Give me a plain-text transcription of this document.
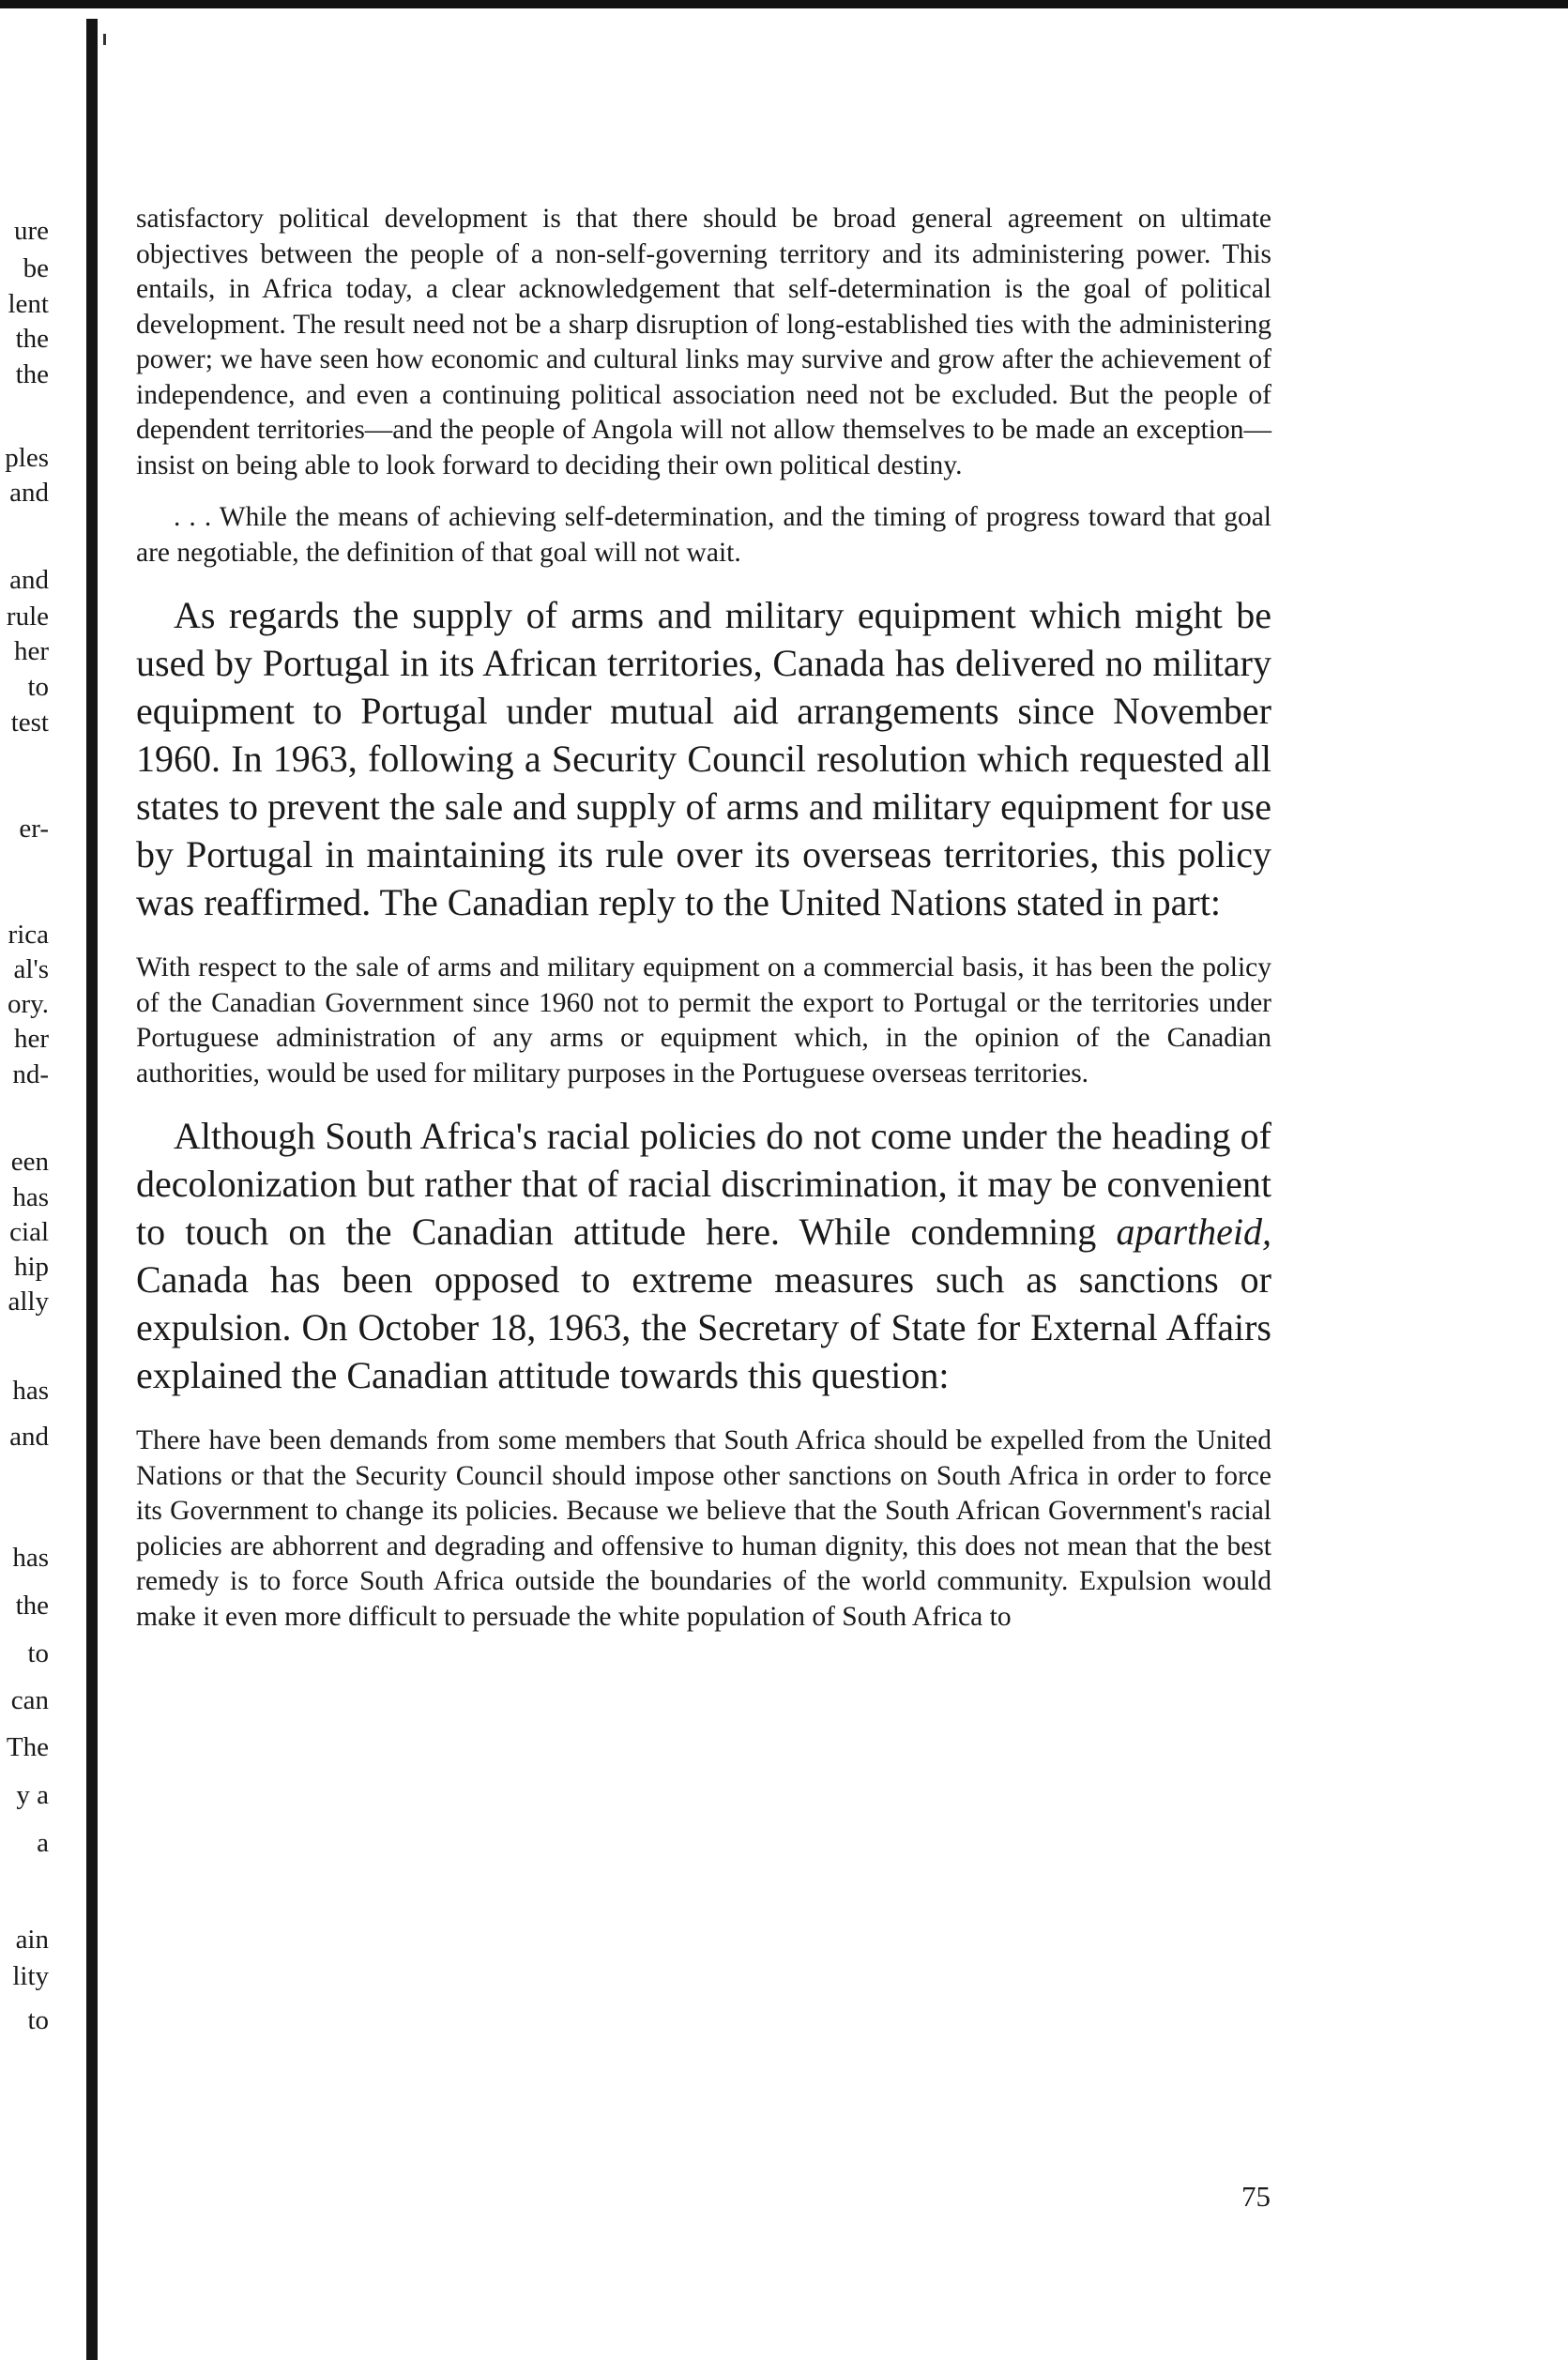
ure
be
lent
the
the
ples
and
and
rule
her
to
test
er-
rica
al's
ory.
her
nd-
een
has
cial
hip
ally
has
and
has
the
to
can
The
y a
a
ain
lity
to

satisfactory political development is that there should be broad general agreement on ultimate objectives between the people of a non-self-governing territory and its administering power. This entails, in Africa today, a clear acknowledgement that self-determination is the goal of political development. The result need not be a sharp disruption of long-established ties with the administering power; we have seen how economic and cultural links may survive and grow after the achievement of independence, and even a continuing political association need not be excluded. But the people of dependent territories—and the people of Angola will not allow themselves to be made an exception—insist on being able to look forward to deciding their own political destiny.

. . . While the means of achieving self-determination, and the timing of progress toward that goal are negotiable, the definition of that goal will not wait.

As regards the supply of arms and military equipment which might be used by Portugal in its African territories, Canada has delivered no military equipment to Portugal under mutual aid arrangements since November 1960. In 1963, following a Security Council resolution which requested all states to prevent the sale and supply of arms and military equipment for use by Portugal in maintaining its rule over its overseas territories, this policy was reaffirmed. The Canadian reply to the United Nations stated in part:

With respect to the sale of arms and military equipment on a commercial basis, it has been the policy of the Canadian Government since 1960 not to permit the export to Portugal or the territories under Portuguese administration of any arms or equipment which, in the opinion of the Canadian authorities, would be used for military purposes in the Portuguese overseas territories.

Although South Africa's racial policies do not come under the heading of decolonization but rather that of racial discrimination, it may be convenient to touch on the Canadian attitude here. While condemning apartheid, Canada has been opposed to extreme measures such as sanctions or expulsion. On October 18, 1963, the Secretary of State for External Affairs explained the Canadian attitude towards this question:

There have been demands from some members that South Africa should be expelled from the United Nations or that the Security Council should impose other sanctions on South Africa in order to force its Government to change its policies. Because we believe that the South African Government's racial policies are abhorrent and degrading and offensive to human dignity, this does not mean that the best remedy is to force South Africa outside the boundaries of the world community. Expulsion would make it even more difficult to persuade the white population of South Africa to

75
